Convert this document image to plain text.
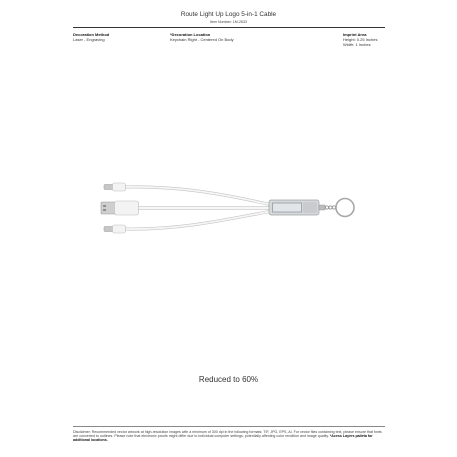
Route Light Up Logo 5-in-1 Cable
Item Number: 1M-2633
Decoration Method
Laser - Engraving
*Decoration Location
Keychain Right - Centered On Body
Imprint Area
Height: 0.25 Inches
Width: 1 Inches
Reduced to 60%
Disclaimer: Recommended vector artwork at high-resolution images with a minimum of 300 dpi in the following formats: TIF, JPG, EPS, AI. For vector files containing text, please ensure that fonts are converted to outlines. Please note that electronic proofs might differ due to individual computer settings, potentially affecting color rendition and image quality. *Acess Layers palleta for additional locations.
